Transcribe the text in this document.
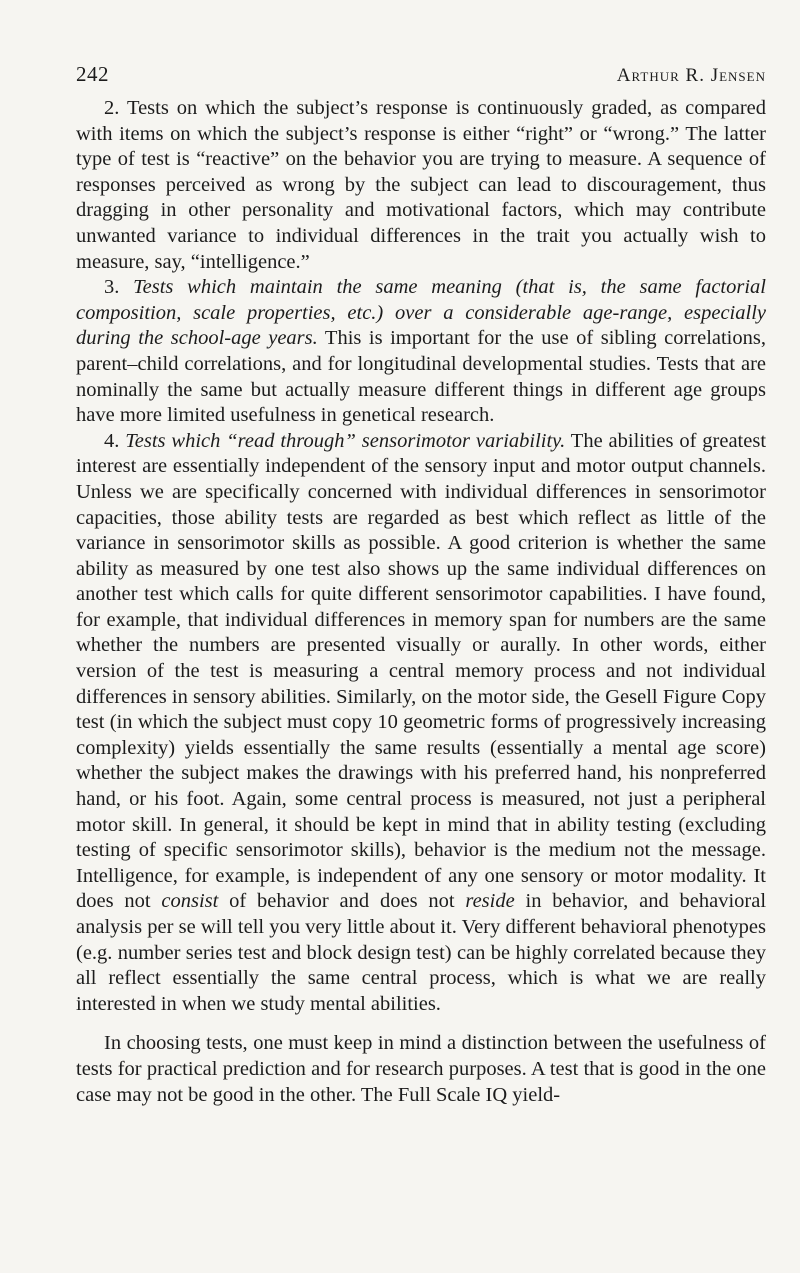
242	Arthur R. Jensen

2. Tests on which the subject’s response is continuously graded, as compared with items on which the subject’s response is either “right” or “wrong.” The latter type of test is “reactive” on the behavior you are trying to measure. A sequence of responses perceived as wrong by the subject can lead to discouragement, thus dragging in other personality and motivational factors, which may contribute unwanted variance to individual differences in the trait you actually wish to measure, say, “intelligence.”

3. Tests which maintain the same meaning (that is, the same factorial composition, scale properties, etc.) over a considerable age-range, especially during the school-age years. This is important for the use of sibling correlations, parent–child correlations, and for longitudinal developmental studies. Tests that are nominally the same but actually measure different things in different age groups have more limited usefulness in genetical research.

4. Tests which “read through” sensorimotor variability. The abilities of greatest interest are essentially independent of the sensory input and motor output channels. Unless we are specifically concerned with individual differences in sensorimotor capacities, those ability tests are regarded as best which reflect as little of the variance in sensorimotor skills as possible. A good criterion is whether the same ability as measured by one test also shows up the same individual differences on another test which calls for quite different sensorimotor capabilities. I have found, for example, that individual differences in memory span for numbers are the same whether the numbers are presented visually or aurally. In other words, either version of the test is measuring a central memory process and not individual differences in sensory abilities. Similarly, on the motor side, the Gesell Figure Copy test (in which the subject must copy 10 geometric forms of progressively increasing complexity) yields essentially the same results (essentially a mental age score) whether the subject makes the drawings with his preferred hand, his nonpreferred hand, or his foot. Again, some central process is measured, not just a peripheral motor skill. In general, it should be kept in mind that in ability testing (excluding testing of specific sensorimotor skills), behavior is the medium not the message. Intelligence, for example, is independent of any one sensory or motor modality. It does not consist of behavior and does not reside in behavior, and behavioral analysis per se will tell you very little about it. Very different behavioral phenotypes (e.g. number series test and block design test) can be highly correlated because they all reflect essentially the same central process, which is what we are really interested in when we study mental abilities.

In choosing tests, one must keep in mind a distinction between the usefulness of tests for practical prediction and for research purposes. A test that is good in the one case may not be good in the other. The Full Scale IQ yield-
